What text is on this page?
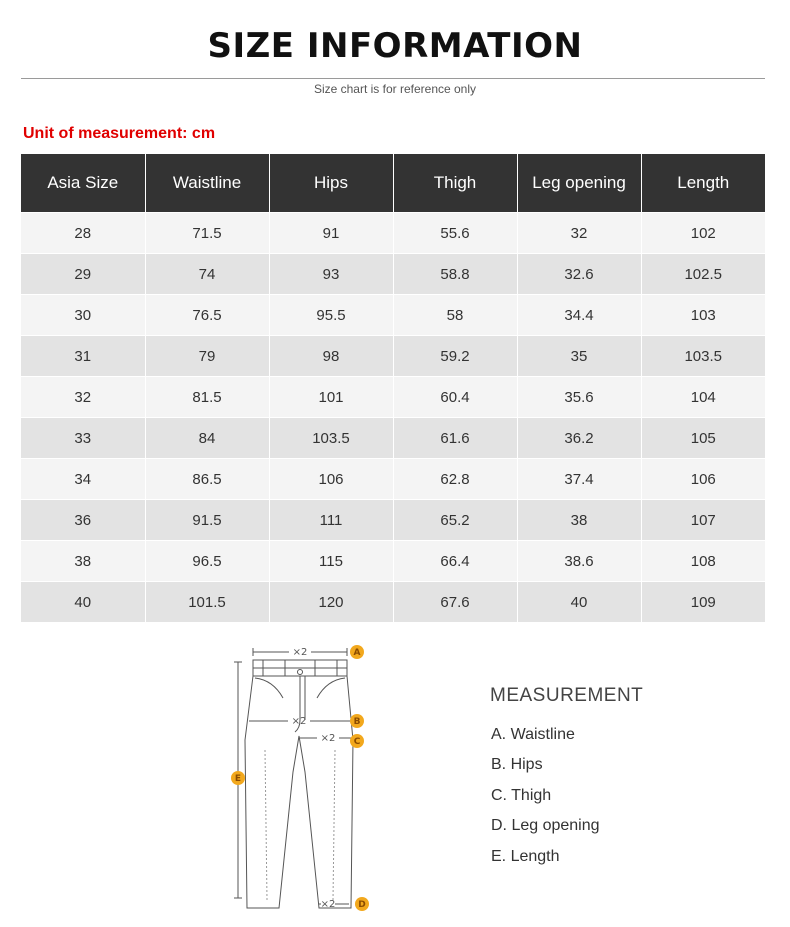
SIZE INFORMATION
Size chart is for reference only
Unit of measurement: cm
Asia Size	Waistline	Hips	Thigh	Leg opening	Length
28	71.5	91	55.6	32	102
29	74	93	58.8	32.6	102.5
30	76.5	95.5	58	34.4	103
31	79	98	59.2	35	103.5
32	81.5	101	60.4	35.6	104
33	84	103.5	61.6	36.2	105
34	86.5	106	62.8	37.4	106
36	91.5	111	65.2	38	107
38	96.5	115	66.4	38.6	108
40	101.5	120	67.6	40	109
×2
×2
×2
×2
A
B
C
D
E
MEASUREMENT
A. Waistline
B. Hips
C. Thigh
D. Leg opening
E. Length
